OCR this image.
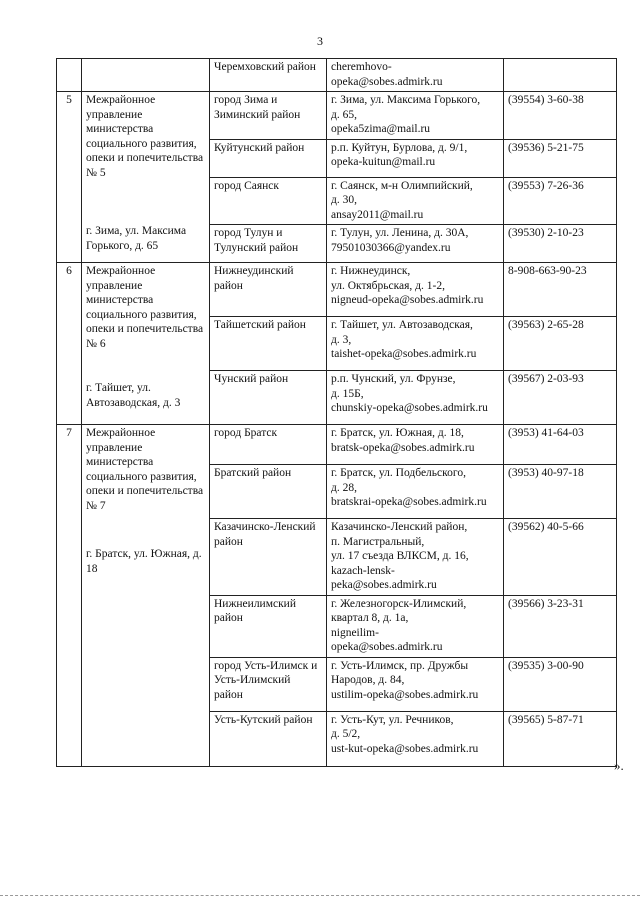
3
		Черемховский район	cheremhovo-
opeka@sobes.admirk.ru	

5	Межрайонное управление министерства социального развития, опеки и попечительства № 5
г. Зима, ул. Максима Горького, д. 65	город Зима и Зиминский район	г. Зима, ул. Максима Горького,
д. 65,
opeka5zima@mail.ru	(39554) 3-60-38

		Куйтунский район	р.п. Куйтун, Бурлова, д. 9/1,
opeka-kuitun@mail.ru	(39536) 5-21-75

		город Саянск	г. Саянск, м-н Олимпийский,
д. 30,
ansay2011@mail.ru	(39553) 7-26-36

		город Тулун и Тулунский район	г. Тулун, ул. Ленина, д. 30А,
79501030366@yandex.ru	(39530) 2-10-23

6	Межрайонное управление министерства социального развития, опеки и попечительства № 6
г. Тайшет, ул. Автозаводская, д. 3	Нижнеудинский район	г. Нижнеудинск,
ул. Октябрьская, д. 1-2,
nigneud-opeka@sobes.admirk.ru	8-908-663-90-23

		Тайшетский район	г. Тайшет, ул. Автозаводская,
д. 3,
taishet-opeka@sobes.admirk.ru	(39563) 2-65-28

		Чунский район	р.п. Чунский, ул. Фрунзе,
д. 15Б,
chunskiy-opeka@sobes.admirk.ru	(39567) 2-03-93

7	Межрайонное управление министерства социального развития, опеки и попечительства № 7
г. Братск, ул. Южная, д. 18	город Братск	г. Братск, ул. Южная, д. 18,
bratsk-opeka@sobes.admirk.ru	(3953) 41-64-03

		Братский район	г. Братск, ул. Подбельского,
д. 28,
bratskrai-opeka@sobes.admirk.ru	(3953) 40-97-18

		Казачинско-Ленский район	Казачинско-Ленский район,
п. Магистральный,
ул. 17 съезда ВЛКСМ, д. 16,
kazach-lensk-
peka@sobes.admirk.ru	(39562) 40-5-66

		Нижнеилимский район	г. Железногорск-Илимский,
квартал 8, д. 1а,
nigneilim-
opeka@sobes.admirk.ru	(39566) 3-23-31

		город Усть-Илимск и Усть-Илимский район	г. Усть-Илимск, пр. Дружбы
Народов, д. 84,
ustilim-opeka@sobes.admirk.ru	(39535) 3-00-90

		Усть-Кутский район	г. Усть-Кут, ул. Речников,
д. 5/2,
ust-kut-opeka@sobes.admirk.ru	(39565) 5-87-71
».
